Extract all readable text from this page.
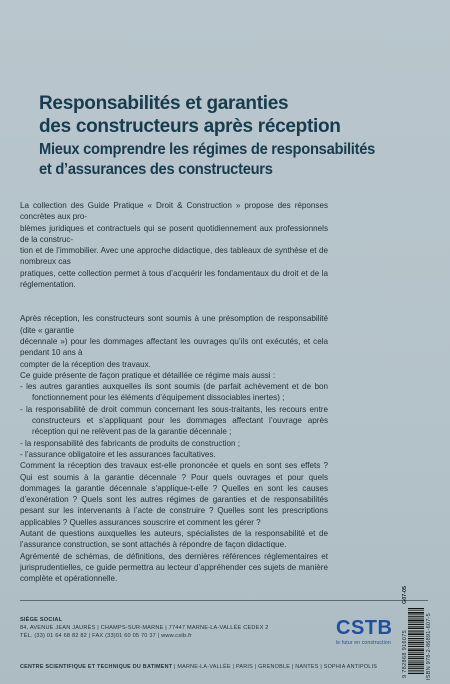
Responsabilités et garanties

des constructeurs après réception

Mieux comprendre les régimes de responsabilités

et d’assurances des constructeurs

La collection des Guide Pratique « Droit & Construction » propose des réponses concrètes aux pro-

blèmes juridiques et contractuels qui se posent quotidiennement aux professionnels de la construc-

tion et de l’immobilier. Avec une approche didactique, des tableaux de synthèse et de nombreux cas

pratiques, cette collection permet à tous d’acquérir les fondamentaux du droit et de la réglementation.

Après réception, les constructeurs sont soumis à une présomption de responsabilité (dite « garantie

décennale ») pour les dommages affectant les ouvrages qu’ils ont exécutés, et cela pendant 10 ans à

compter de la réception des travaux.

Ce guide présente de façon pratique et détaillée ce régime mais aussi :

- les autres garanties auxquelles ils sont soumis (de parfait achèvement et de bon fonctionnement pour les éléments d’équipement dissociables inertes) ;

- la responsabilité de droit commun concernant les sous-traitants, les recours entre constructeurs et s’appliquant pour les dommages affectant l’ouvrage après réception qui ne relèvent pas de la garantie décennale ;

- la responsabilité des fabricants de produits de construction ;

- l’assurance obligatoire et les assurances facultatives.

Comment la réception des travaux est-elle prononcée et quels en sont ses effets ? Qui est soumis à la garantie décennale ? Pour quels ouvrages et pour quels dommages la garantie décennale s’applique-t-elle ? Quelles en sont les causes d’exonération ? Quels sont les autres régimes de garanties et de responsabilités pesant sur les intervenants à l’acte de construire ? Quelles sont les prescriptions applicables ? Quelles assurances souscrire et comment les gérer ?

Autant de questions auxquelles les auteurs, spécialistes de la responsabilité et de l’assurance construction, se sont attachés à répondre de façon didactique.

Agrémenté de schémas, de définitions, des dernières références réglementaires et jurisprudentielles, ce guide permettra au lecteur d’appréhender ces sujets de manière complète et opérationnelle.

SIÈGE SOCIAL
84, AVENUE JEAN JAURÈS | CHAMPS-SUR-MARNE | 77447 MARNE-LA-VALLÉE CEDEX 2
TÉL. (33) 01 64 68 82 82 | FAX (33)01 60 05 70 37 | www.cstb.fr
CENTRE SCIENTIFIQUE ET TECHNIQUE DU BATIMENT | MARNE-LA-VALLÉE | PARIS | GRENOBLE | NANTES | SOPHIA ANTIPOLIS
CSTB
le futur en construction
G07-05
9 782868 916075	ISBN 978-2-86891-607-5
